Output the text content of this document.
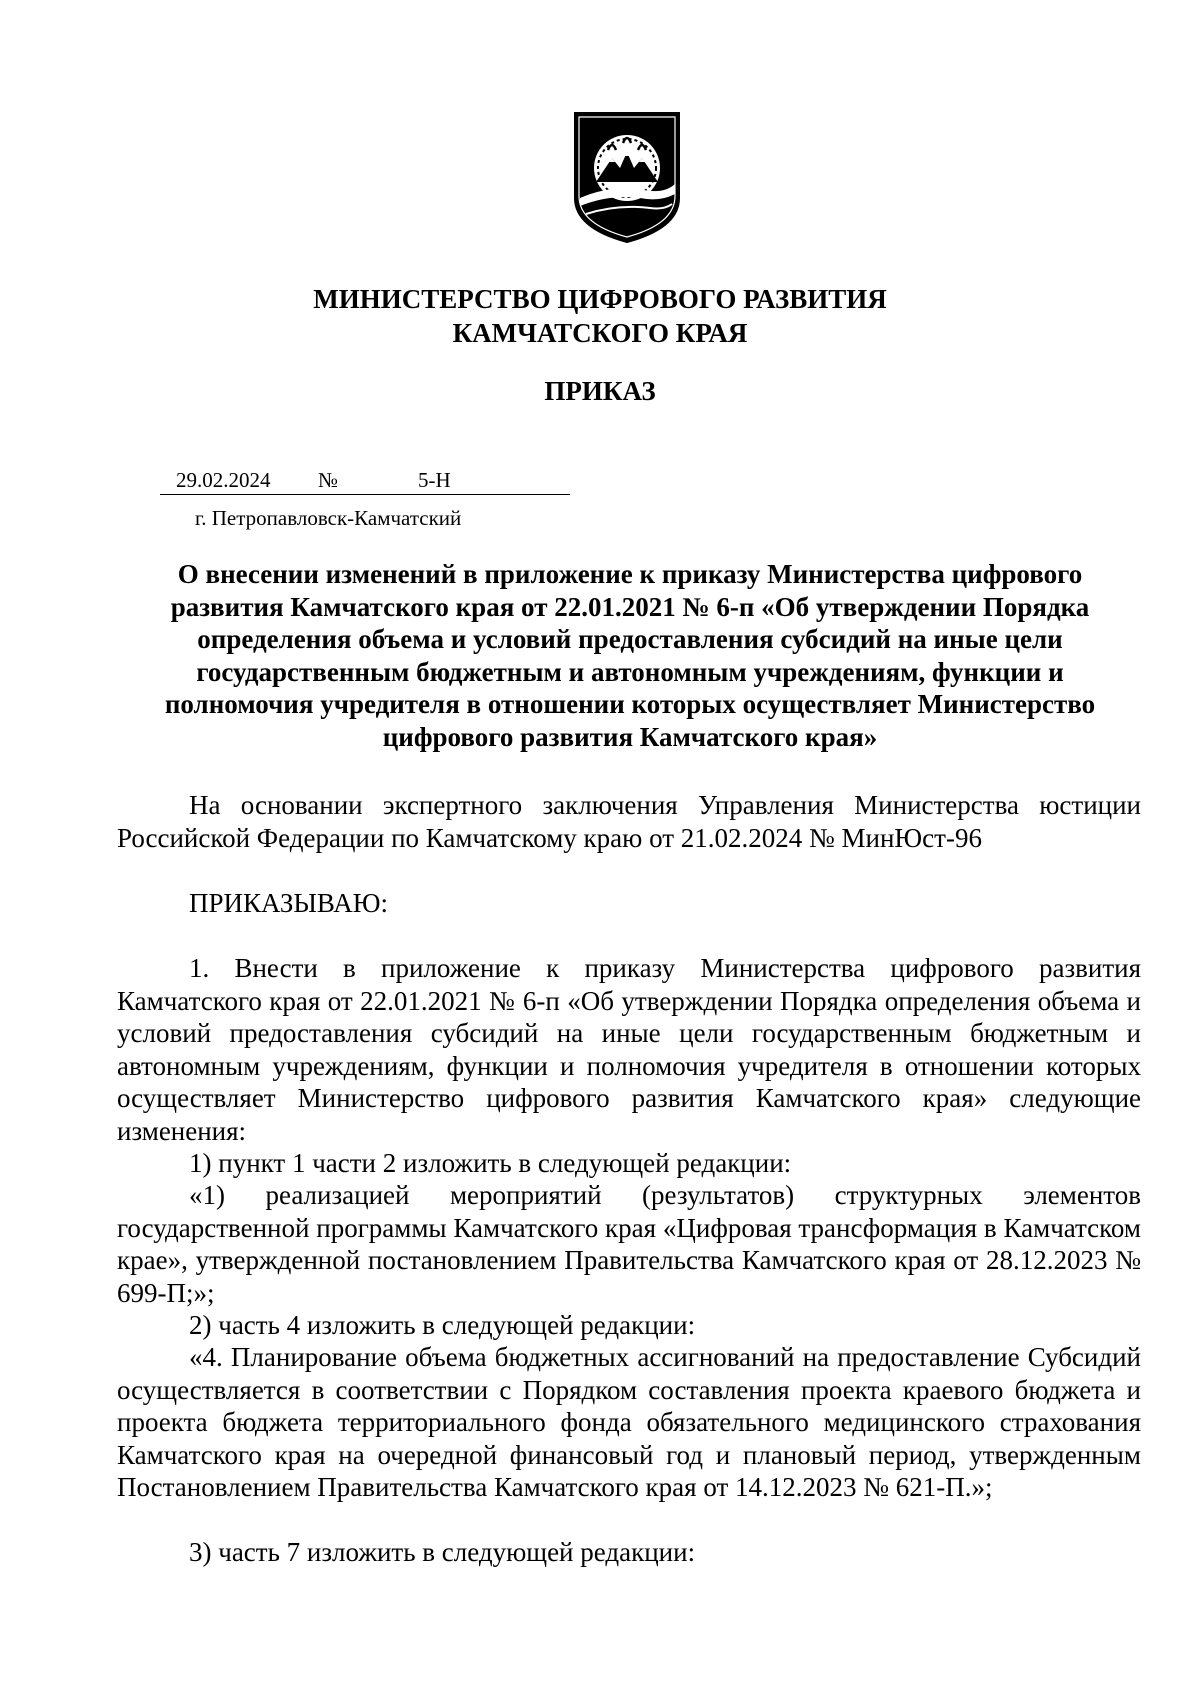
МИНИСТЕРСТВО ЦИФРОВОГО РАЗВИТИЯ
КАМЧАТСКОГО КРАЯ
ПРИКАЗ
29.02.2024 №	5-Н
г. Петропавловск-Камчатский
О внесении изменений в приложение к приказу Министерства цифрового развития Камчатского края от 22.01.2021 № 6-п «Об утверждении Порядка определения объема и условий предоставления субсидий на иные цели государственным бюджетным и автономным учреждениям, функции и полномочия учредителя в отношении которых осуществляет Министерство цифрового развития Камчатского края»
На основании экспертного заключения Управления Министерства юстиции Российской Федерации по Камчатскому краю от 21.02.2024 № МинЮст-96
ПРИКАЗЫВАЮ:
1. Внести в приложение к приказу Министерства цифрового развития Камчатского края от 22.01.2021 № 6-п «Об утверждении Порядка определения объема и условий предоставления субсидий на иные цели государственным бюджетным и автономным учреждениям, функции и полномочия учредителя в отношении которых осуществляет Министерство цифрового развития Камчатского края» следующие изменения:
1) пункт 1 части 2 изложить в следующей редакции:
«1) реализацией мероприятий (результатов) структурных элементов государственной программы Камчатского края «Цифровая трансформация в Камчатском крае», утвержденной постановлением Правительства Камчатского края от 28.12.2023 № 699-П;»;
2) часть 4 изложить в следующей редакции:
«4. Планирование объема бюджетных ассигнований на предоставление Субсидий осуществляется в соответствии с Порядком составления проекта краевого бюджета и проекта бюджета территориального фонда обязательного медицинского страхования Камчатского края на очередной финансовый год и плановый период, утвержденным Постановлением Правительства Камчатского края от 14.12.2023 № 621-П.»;
3) часть 7 изложить в следующей редакции:
